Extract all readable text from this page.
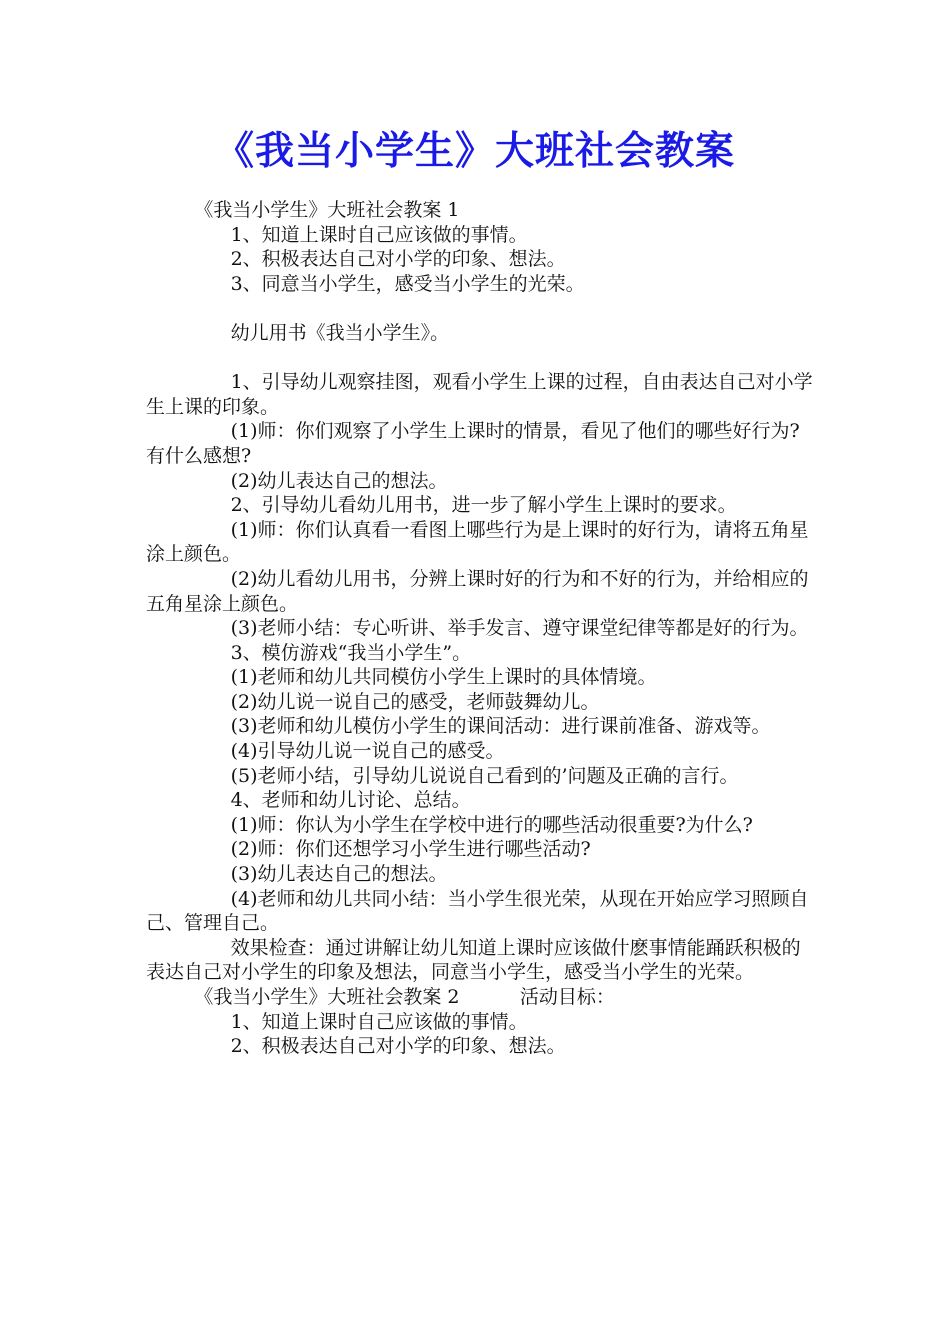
《我当小学生》大班社会教案

《我当小学生》大班社会教案 1

1、知道上课时自己应该做的事情。

2、积极表达自己对小学的印象、想法。

3、同意当小学生，感受当小学生的光荣。

幼儿用书《我当小学生》。

1、引导幼儿观察挂图，观看小学生上课的过程，自由表达自己对小学生上课的印象。

(1)师：你们观察了小学生上课时的情景，看见了他们的哪些好行为?有什么感想?

(2)幼儿表达自己的想法。

2、引导幼儿看幼儿用书，进一步了解小学生上课时的要求。

(1)师：你们认真看一看图上哪些行为是上课时的好行为，请将五角星涂上颜色。

(2)幼儿看幼儿用书，分辨上课时好的行为和不好的行为，并给相应的五角星涂上颜色。

(3)老师小结：专心听讲、举手发言、遵守课堂纪律等都是好的行为。

3、模仿游戏“我当小学生”。

(1)老师和幼儿共同模仿小学生上课时的具体情境。

(2)幼儿说一说自己的感受，老师鼓舞幼儿。

(3)老师和幼儿模仿小学生的课间活动：进行课前准备、游戏等。

(4)引导幼儿说一说自己的感受。

(5)老师小结，引导幼儿说说自己看到的’问题及正确的言行。

4、老师和幼儿讨论、总结。

(1)师：你认为小学生在学校中进行的哪些活动很重要?为什么?

(2)师：你们还想学习小学生进行哪些活动?

(3)幼儿表达自己的想法。

(4)老师和幼儿共同小结：当小学生很光荣，从现在开始应学习照顾自己、管理自己。

效果检查：通过讲解让幼儿知道上课时应该做什麽事情能踊跃积极的表达自己对小学生的印象及想法，同意当小学生，感受当小学生的光荣。

《我当小学生》大班社会教案 2          活动目标：

1、知道上课时自己应该做的事情。

2、积极表达自己对小学的印象、想法。
